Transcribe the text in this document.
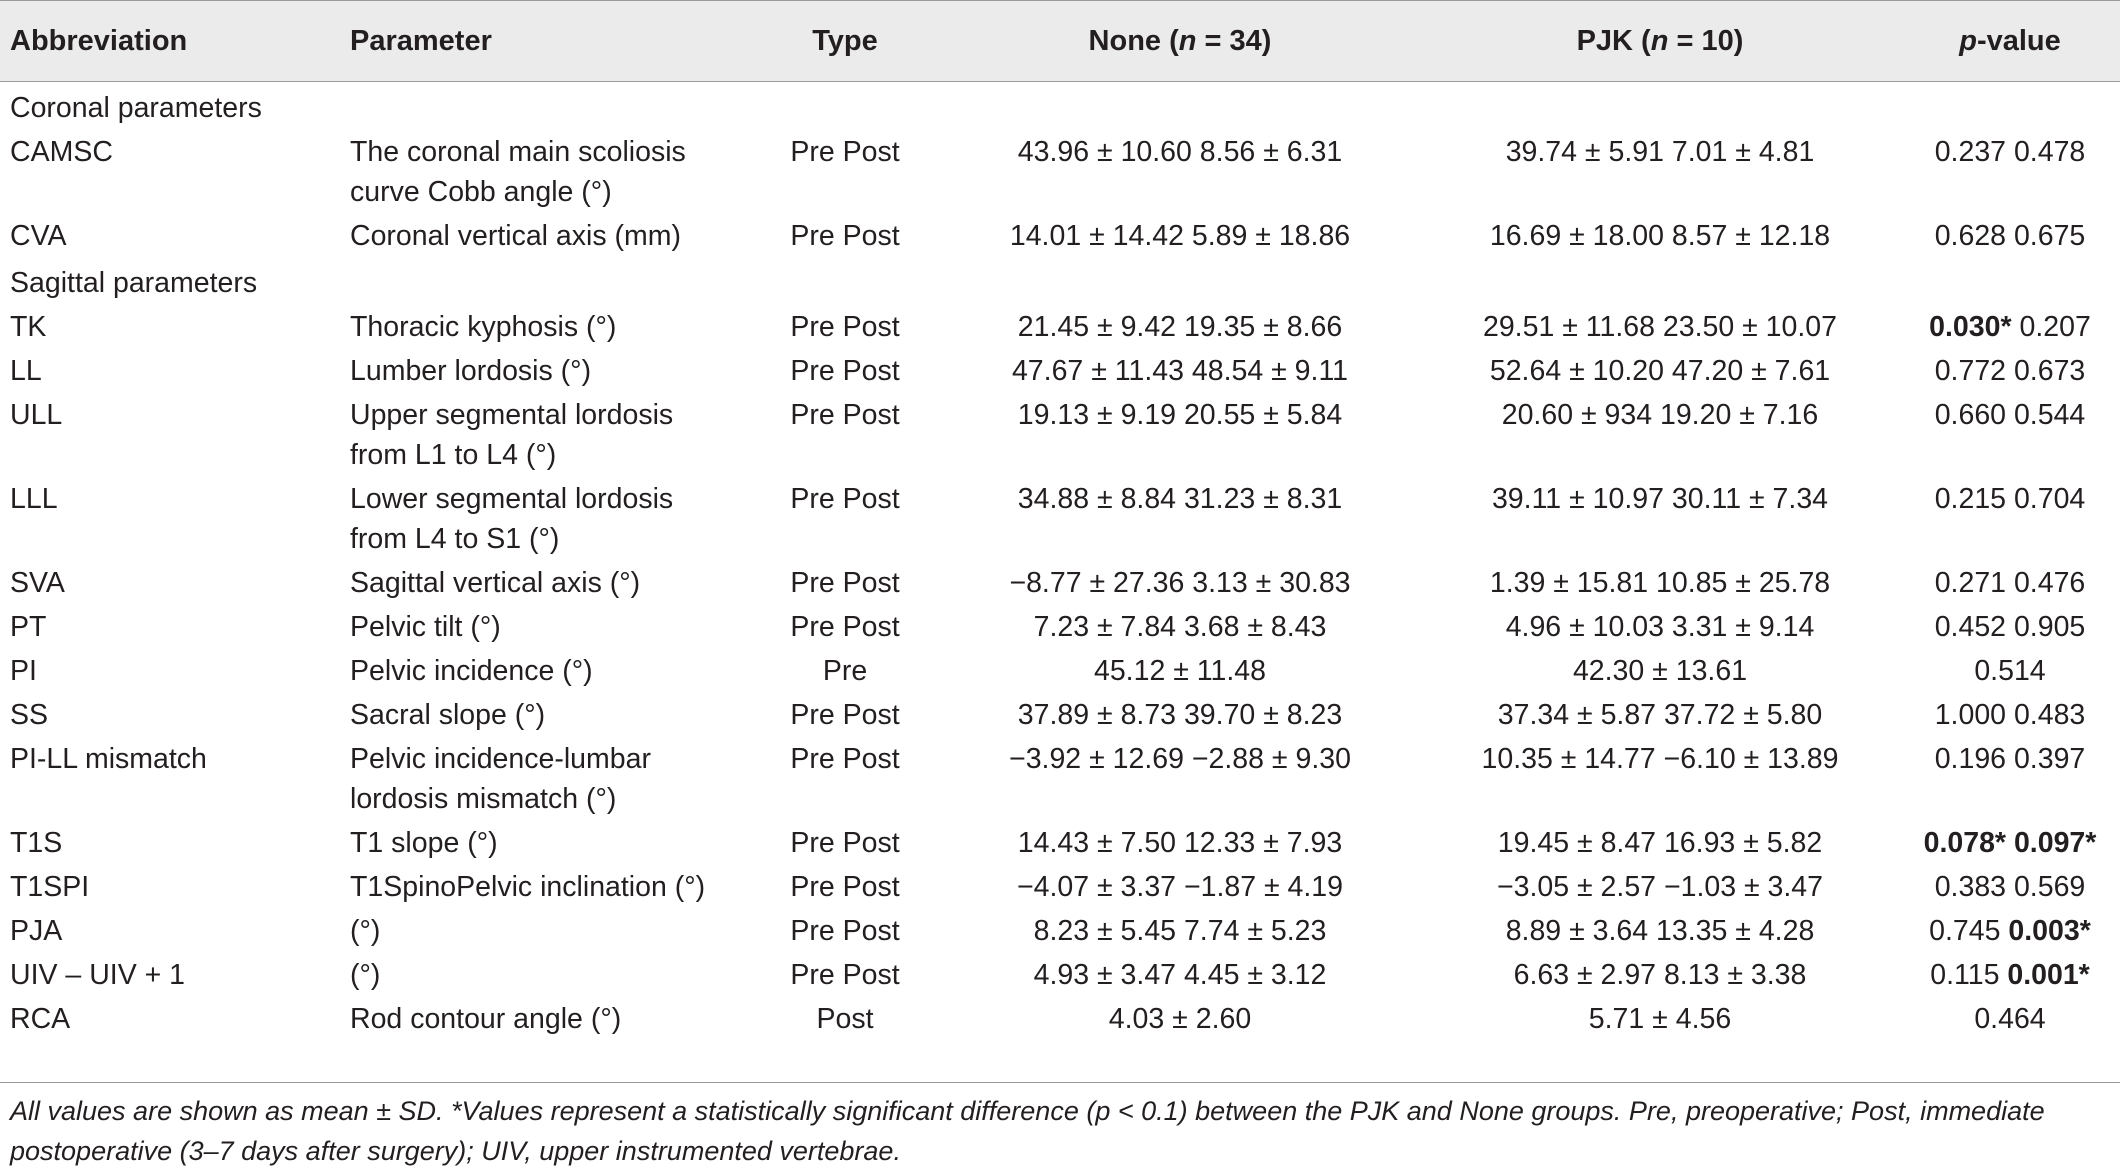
Abbreviation	Parameter	Type	None (n = 34)	PJK (n = 10)	p-value
Coronal parameters					
CAMSC	The coronal main scoliosis
curve Cobb angle (°)	Pre Post	43.96 ± 10.60 8.56 ± 6.31	39.74 ± 5.91 7.01 ± 4.81	0.237 0.478
CVA	Coronal vertical axis (mm)	Pre Post	14.01 ± 14.42 5.89 ± 18.86	16.69 ± 18.00 8.57 ± 12.18	0.628 0.675
Sagittal parameters					
TK	Thoracic kyphosis (°)	Pre Post	21.45 ± 9.42 19.35 ± 8.66	29.51 ± 11.68 23.50 ± 10.07	0.030* 0.207
LL	Lumber lordosis (°)	Pre Post	47.67 ± 11.43 48.54 ± 9.11	52.64 ± 10.20 47.20 ± 7.61	0.772 0.673
ULL	Upper segmental lordosis
from L1 to L4 (°)	Pre Post	19.13 ± 9.19 20.55 ± 5.84	20.60 ± 934 19.20 ± 7.16	0.660 0.544
LLL	Lower segmental lordosis
from L4 to S1 (°)	Pre Post	34.88 ± 8.84 31.23 ± 8.31	39.11 ± 10.97 30.11 ± 7.34	0.215 0.704
SVA	Sagittal vertical axis (°)	Pre Post	−8.77 ± 27.36 3.13 ± 30.83	1.39 ± 15.81 10.85 ± 25.78	0.271 0.476
PT	Pelvic tilt (°)	Pre Post	7.23 ± 7.84 3.68 ± 8.43	4.96 ± 10.03 3.31 ± 9.14	0.452 0.905
PI	Pelvic incidence (°)	Pre	45.12 ± 11.48	42.30 ± 13.61	0.514
SS	Sacral slope (°)	Pre Post	37.89 ± 8.73 39.70 ± 8.23	37.34 ± 5.87 37.72 ± 5.80	1.000 0.483
PI-LL mismatch	Pelvic incidence-lumbar
lordosis mismatch (°)	Pre Post	−3.92 ± 12.69 −2.88 ± 9.30	10.35 ± 14.77 −6.10 ± 13.89	0.196 0.397
T1S	T1 slope (°)	Pre Post	14.43 ± 7.50 12.33 ± 7.93	19.45 ± 8.47 16.93 ± 5.82	0.078* 0.097*
T1SPI	T1SpinoPelvic inclination (°)	Pre Post	−4.07 ± 3.37 −1.87 ± 4.19	−3.05 ± 2.57 −1.03 ± 3.47	0.383 0.569
PJA	(°)	Pre Post	8.23 ± 5.45 7.74 ± 5.23	8.89 ± 3.64 13.35 ± 4.28	0.745 0.003*
UIV – UIV + 1	(°)	Pre Post	4.93 ± 3.47 4.45 ± 3.12	6.63 ± 2.97 8.13 ± 3.38	0.115 0.001*
RCA	Rod contour angle (°)	Post	4.03 ± 2.60	5.71 ± 4.56	0.464
All values are shown as mean ± SD. *Values represent a statistically significant difference (p < 0.1) between the PJK and None groups. Pre, preoperative; Post, immediate
postoperative (3–7 days after surgery); UIV, upper instrumented vertebrae.
